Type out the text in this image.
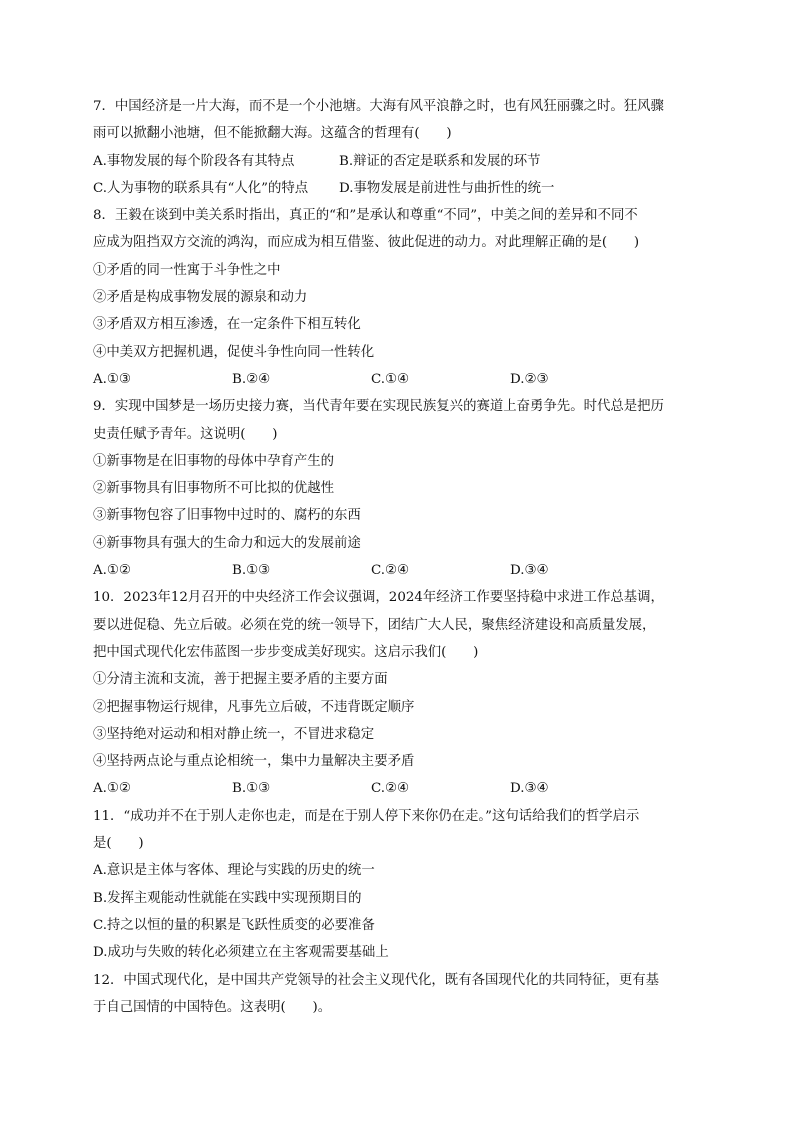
7．中国经济是一片大海，而不是一个小池塘。大海有风平浪静之时，也有风狂丽骤之时。狂风骤
雨可以掀翻小池塘，但不能掀翻大海。这蕴含的哲理有(　　)
A.事物发展的每个阶段各有其特点	B.辩证的否定是联系和发展的环节
C.人为事物的联系具有“人化”的特点	D.事物发展是前进性与曲折性的统一
8．王毅在谈到中美关系时指出，真正的“和”是承认和尊重“不同”，中美之间的差异和不同不
应成为阻挡双方交流的鸿沟，而应成为相互借鉴、彼此促进的动力。对此理解正确的是(　　)
①矛盾的同一性寓于斗争性之中
②矛盾是构成事物发展的源泉和动力
③矛盾双方相互渗透，在一定条件下相互转化
④中美双方把握机遇，促使斗争性向同一性转化
A.①③	B.②④	C.①④	D.②③
9．实现中国梦是一场历史接力赛，当代青年要在实现民族复兴的赛道上奋勇争先。时代总是把历
史责任赋予青年。这说明(　　)
①新事物是在旧事物的母体中孕育产生的
②新事物具有旧事物所不可比拟的优越性
③新事物包容了旧事物中过时的、腐朽的东西
④新事物具有强大的生命力和远大的发展前途
A.①②	B.①③	C.②④	D.③④
10．2023年12月召开的中央经济工作会议强调，2024年经济工作要坚持稳中求进工作总基调，
要以进促稳、先立后破。必须在党的统一领导下，团结广大人民，聚焦经济建设和高质量发展，
把中国式现代化宏伟蓝图一步步变成美好现实。这启示我们(　　)
①分清主流和支流，善于把握主要矛盾的主要方面
②把握事物运行规律，凡事先立后破，不违背既定顺序
③坚持绝对运动和相对静止统一，不冒进求稳定
④坚持两点论与重点论相统一，集中力量解决主要矛盾
A.①②	B.①③	C.②④	D.③④
11．“成功并不在于别人走你也走，而是在于别人停下来你仍在走。”这句话给我们的哲学启示
是(　　)
A.意识是主体与客体、理论与实践的历史的统一
B.发挥主观能动性就能在实践中实现预期目的
C.持之以恒的量的积累是飞跃性质变的必要准备
D.成功与失败的转化必须建立在主客观需要基础上
12．中国式现代化，是中国共产党领导的社会主义现代化，既有各国现代化的共同特征，更有基
于自己国情的中国特色。这表明(　　)。
